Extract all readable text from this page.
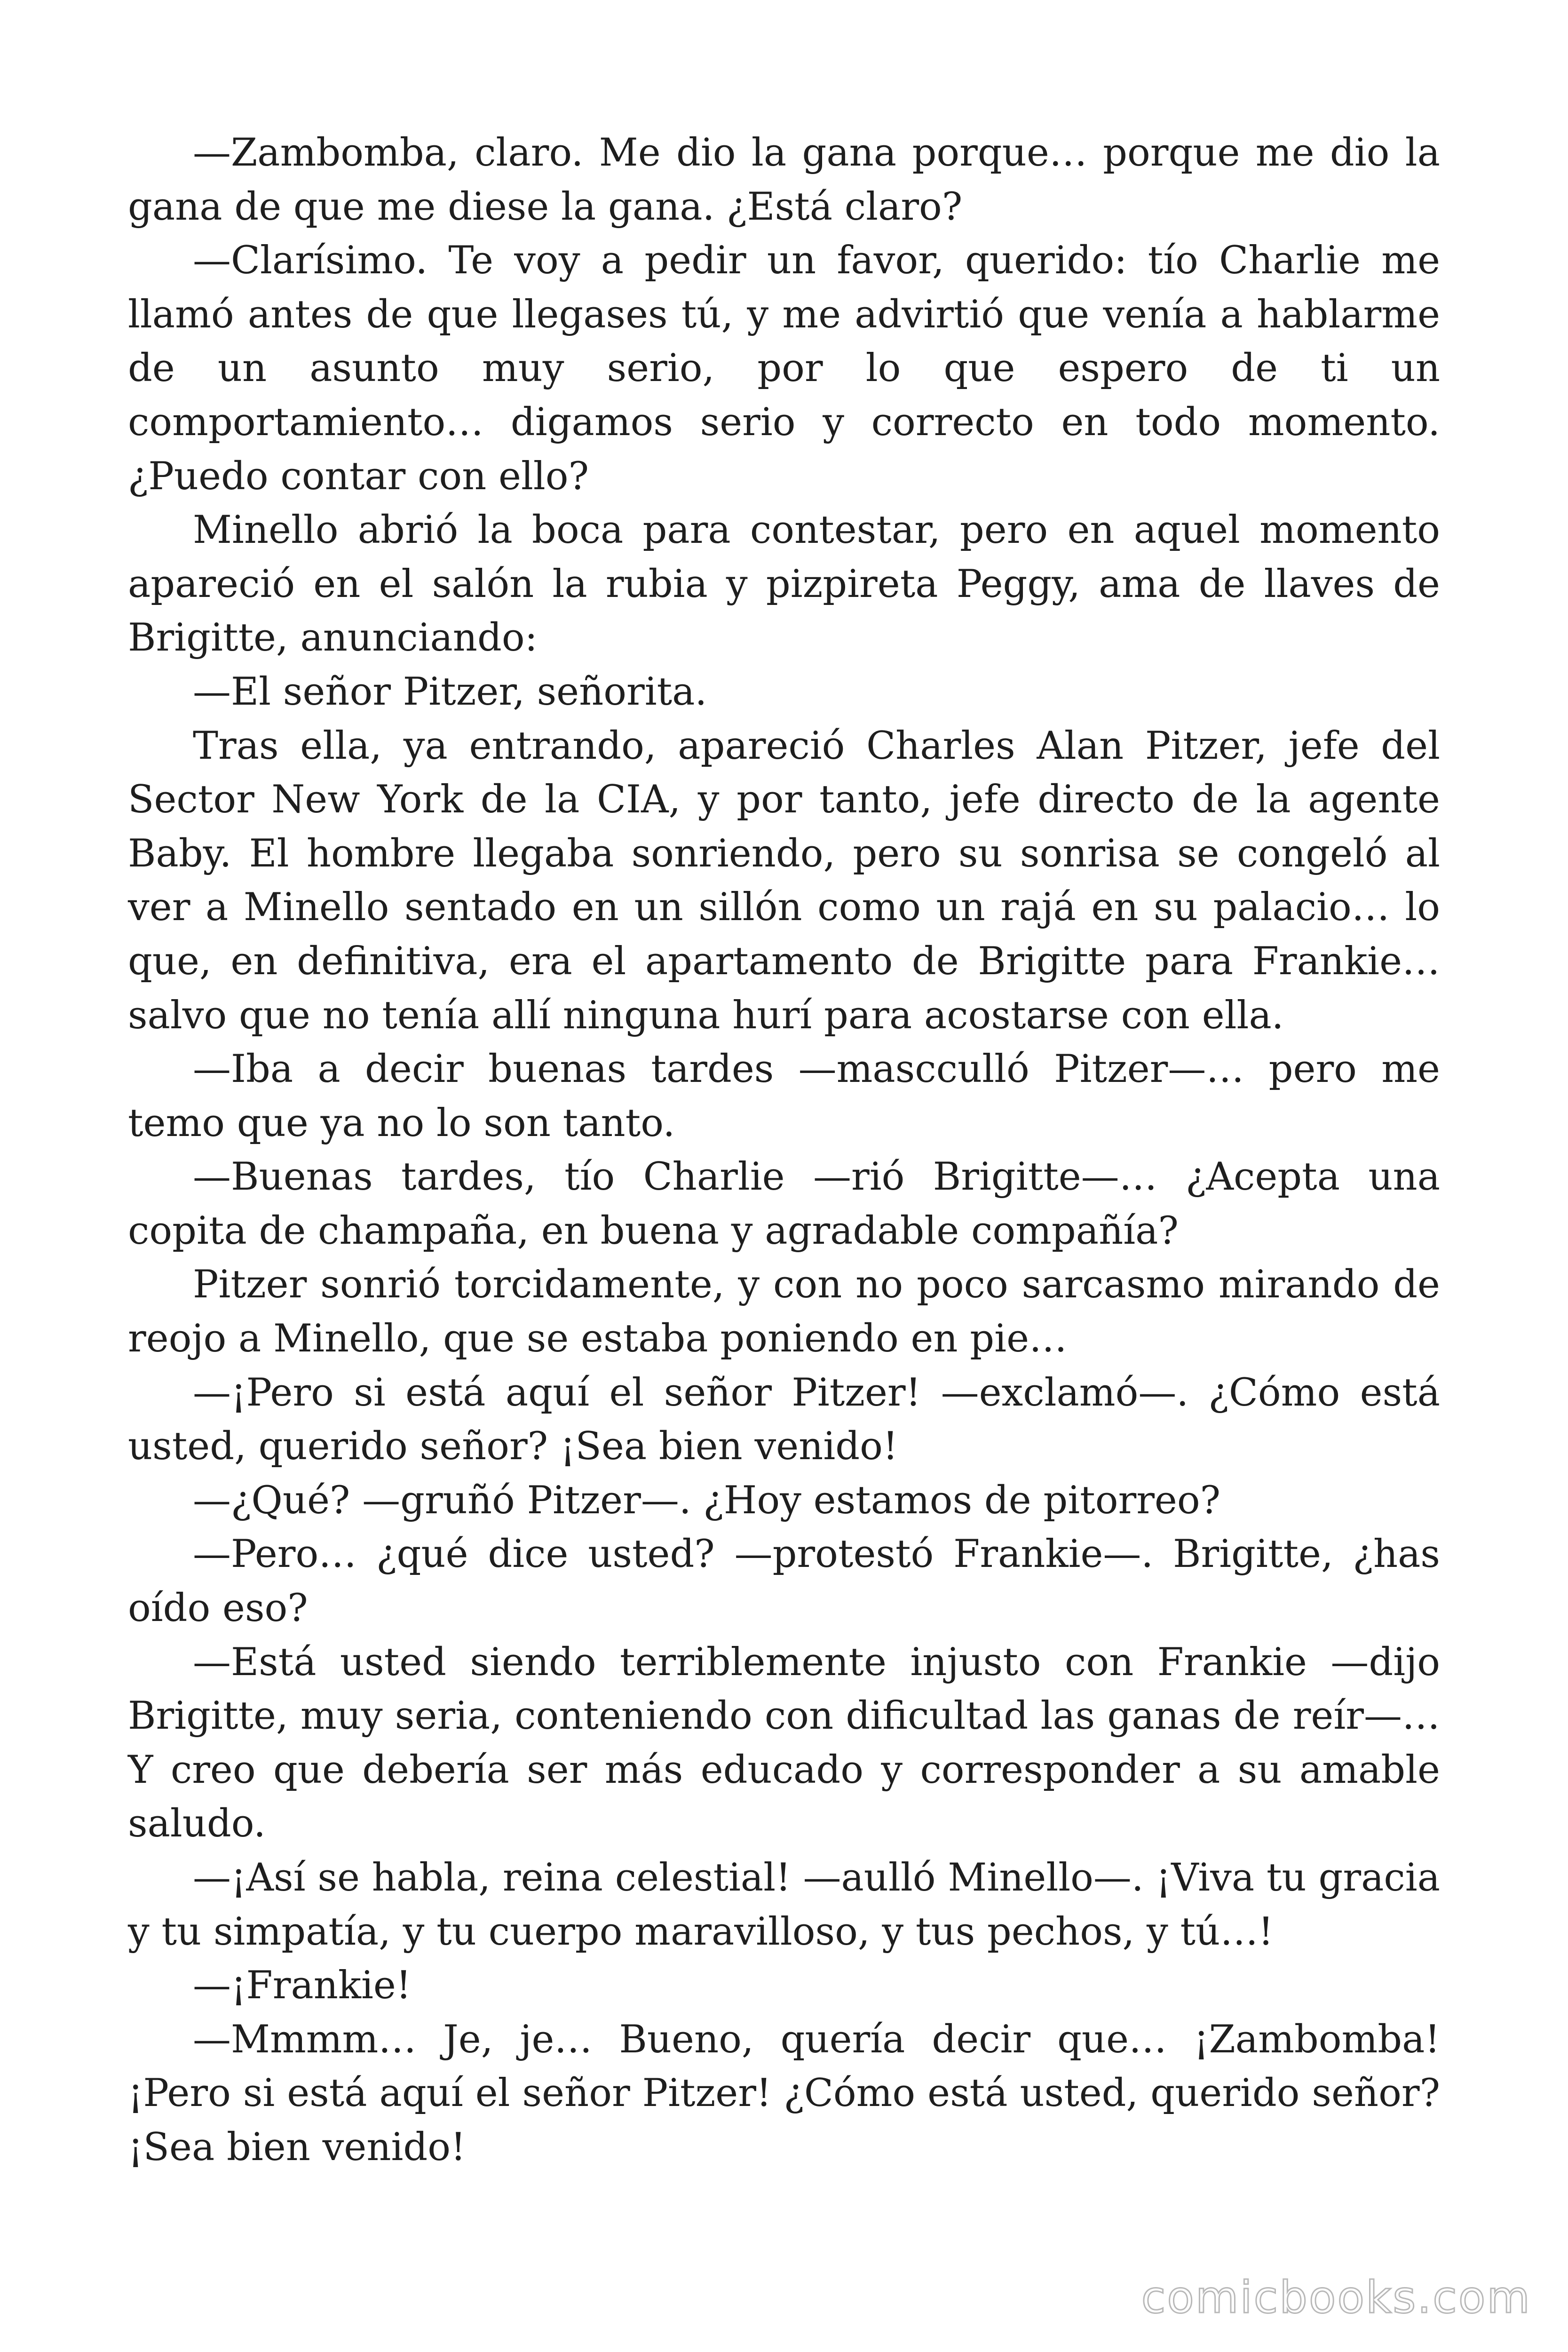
—Zambomba, claro. Me dio la gana porque… porque me dio la gana de que me diese la gana. ¿Está claro?

—Clarísimo. Te voy a pedir un favor, querido: tío Charlie me llamó antes de que llegases tú, y me advirtió que venía a hablarme de un asunto muy serio, por lo que espero de ti un comportamiento… digamos serio y correcto en todo momento. ¿Puedo contar con ello?

Minello abrió la boca para contestar, pero en aquel momento apareció en el salón la rubia y pizpireta Peggy, ama de llaves de Brigitte, anunciando:

—El señor Pitzer, señorita.

Tras ella, ya entrando, apareció Charles Alan Pitzer, jefe del Sector New York de la CIA, y por tanto, jefe directo de la agente Baby. El hombre llegaba sonriendo, pero su sonrisa se congeló al ver a Minello sentado en un sillón como un rajá en su palacio… lo que, en definitiva, era el apartamento de Brigitte para Frankie… salvo que no tenía allí ninguna hurí para acostarse con ella.

—Iba a decir buenas tardes —mascculló Pitzer—… pero me temo que ya no lo son tanto.

—Buenas tardes, tío Charlie —rió Brigitte—… ¿Acepta una copita de champaña, en buena y agradable compañía?

Pitzer sonrió torcidamente, y con no poco sarcasmo mirando de reojo a Minello, que se estaba poniendo en pie…

—¡Pero si está aquí el señor Pitzer! —exclamó—. ¿Cómo está usted, querido señor? ¡Sea bien venido!

—¿Qué? —gruñó Pitzer—. ¿Hoy estamos de pitorreo?

—Pero… ¿qué dice usted? —protestó Frankie—. Brigitte, ¿has oído eso?

—Está usted siendo terriblemente injusto con Frankie —dijo Brigitte, muy seria, conteniendo con dificultad las ganas de reír—… Y creo que debería ser más educado y corresponder a su amable saludo.

—¡Así se habla, reina celestial! —aulló Minello—. ¡Viva tu gracia y tu simpatía, y tu cuerpo maravilloso, y tus pechos, y tú…!

—¡Frankie!

—Mmmm… Je, je… Bueno, quería decir que… ¡Zambomba! ¡Pero si está aquí el señor Pitzer! ¿Cómo está usted, querido señor? ¡Sea bien venido!

comicbooks.com
